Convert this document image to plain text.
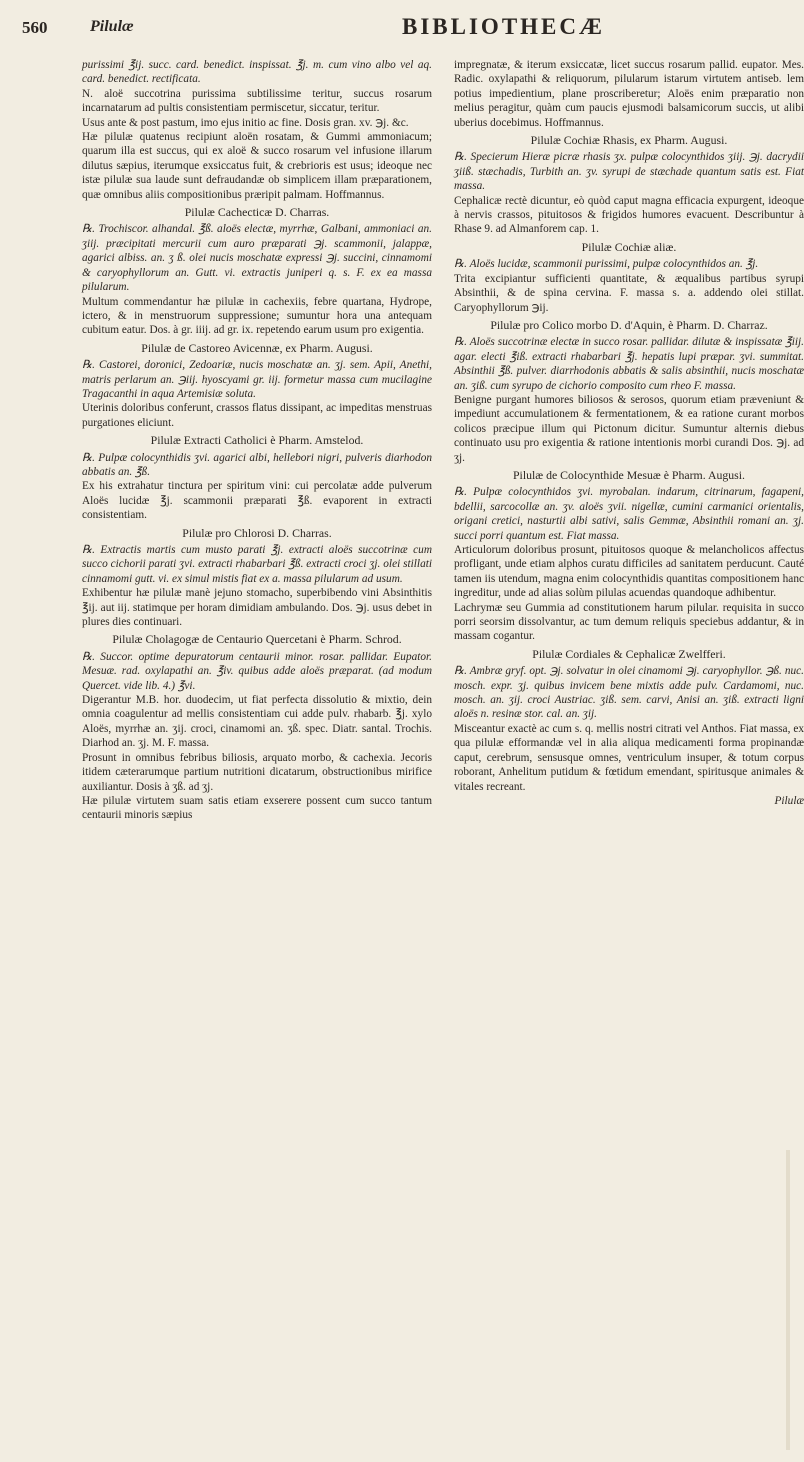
560	Pilulæ	BIBLIOTHECÆ

purissimi ℥ij. succ. card. benedict. inspissat. ℥j. m. cum vino albo vel aq. card. benedict. rectificata.

N. aloë succotrina purissima subtilissime teritur, succus rosarum incarnatarum ad pultis consistentiam permiscetur, siccatur, teritur.

Usus ante & post pastum, imo ejus initio ac fine. Dosis gran. xv. ℈j. &c.

Hæ pilulæ quatenus recipiunt aloën rosatam, & Gummi ammoniacum; quarum illa est succus, qui ex aloë & succo rosarum vel infusione illarum dilutus sæpius, iterumque exsiccatus fuit, & crebrioris est usus; ideoque nec istæ pilulæ sua laude sunt defraudandæ ob simplicem illam præparationem, quæ omnibus aliis compositionibus præripit palmam. Hoffmannus.

Pilulæ Cachecticæ D. Charras.

℞. Trochiscor. alhandal. ℥ß. aloës electæ, myrrhæ, Galbani, ammoniaci an. ʒiij. præcipitati mercurii cum auro præparati ℈j. scammonii, jalappæ, agarici albiss. an. ʒ ß. olei nucis moschatæ expressi ℈j. succini, cinnamomi & caryophyllorum an. Gutt. vi. extractis juniperi q. s. F. ex ea massa pilularum.

Multum commendantur hæ pilulæ in cachexiis, febre quartana, Hydrope, ictero, & in menstruorum suppressione; sumuntur hora una antequam cubitum eatur. Dos. à gr. iiij. ad gr. ix. repetendo earum usum pro exigentia.

Pilulæ de Castoreo Avicennæ, ex Pharm. Augusi.

℞. Castorei, doronici, Zedoariæ, nucis moschatæ an. ʒj. sem. Apii, Anethi, matris perlarum an. ℈iij. hyoscyami gr. iij. formetur massa cum mucilagine Tragacanthi in aqua Artemisiæ soluta.

Uterinis doloribus conferunt, crassos flatus dissipant, ac impeditas menstruas purgationes eliciunt.

Pilulæ Extracti Catholici è Pharm. Amstelod.

℞. Pulpæ colocynthidis ʒvi. agarici albi, hellebori nigri, pulveris diarhodon abbatis an. ℥ß.

Ex his extrahatur tinctura per spiritum vini: cui percolatæ adde pulverum Aloës lucidæ ℥j. scammonii præparati ℥ß. evaporent in extracti consistentiam.

Pilulæ pro Chlorosi D. Charras.

℞. Extractis martis cum musto parati ℥j. extracti aloës succotrinæ cum succo cichorii parati ʒvi. extracti rhabarbari ℥ß. extracti croci ʒj. olei stillati cinnamomi gutt. vi. ex simul mistis fiat ex a. massa pilularum ad usum.

Exhibentur hæ pilulæ manè jejuno stomacho, superbibendo vini Absinthitis ℥ij. aut iij. statimque per horam dimidiam ambulando. Dos. ℈j. usus debet in plures dies continuari.

Pilulæ Cholagogæ de Centaurio Quercetani è Pharm. Schrod.

℞. Succor. optime depuratorum centaurii minor. rosar. pallidar. Eupator. Mesuæ. rad. oxylapathi an. ℥iv. quibus adde aloës præparat. (ad modum Quercet. vide lib. 4.) ℥vi.

Digerantur M.B. hor. duodecim, ut fiat perfecta dissolutio & mixtio, dein omnia coagulentur ad mellis consistentiam cui adde pulv. rhabarb. ℥j. xylo Aloës, myrrhæ an. ʒij. croci, cinamomi an. ʒß. spec. Diatr. santal. Trochis. Diarhod an. ʒj. M. F. massa.

Prosunt in omnibus febribus biliosis, arquato morbo, & cachexia. Jecoris itidem cæterarumque partium nutritioni dicatarum, obstructionibus mirifice auxiliantur. Dosis à ʒß. ad ʒj.

Hæ pilulæ virtutem suam satis etiam exserere possent cum succo tantum centaurii minoris sæpius

impregnatæ, & iterum exsiccatæ, licet succus rosarum pallid. eupator. Mes. Radic. oxylapathi & reliquorum, pilularum istarum virtutem antiseb. lem potius impedientium, plane proscriberetur; Aloës enim præparatio non melius peragitur, quàm cum paucis ejusmodi balsamicorum succis, ut alibi uberius docebimus. Hoffmannus.

Pilulæ Cochiæ Rhasis, ex Pharm. Augusi.

℞. Specierum Hieræ picræ rhasis ʒx. pulpæ colocynthidos ʒiij. ℈j. dacrydii ʒiiß. stæchadis, Turbith an. ʒv. syrupi de stæchade quantum satis est. Fiat massa.

Cephalicæ rectè dicuntur, eò quòd caput magna efficacia expurgent, ideoque à nervis crassos, pituitosos & frigidos humores evacuent. Describuntur à Rhase 9. ad Almanforem cap. 1.

Pilulæ Cochiæ aliæ.

℞. Aloës lucidæ, scammonii purissimi, pulpæ colocynthidos an. ℥j.

Trita excipiantur sufficienti quantitate, & æqualibus partibus syrupi Absinthii, & de spina cervina. F. massa s. a. addendo olei stillat. Caryophyllorum ℈ij.

Pilulæ pro Colico morbo D. d'Aquin, è Pharm. D. Charraz.

℞. Aloës succotrinæ electæ in succo rosar. pallidar. dilutæ & inspissatæ ℥iij. agar. electi ℥iß. extracti rhabarbari ℥j. hepatis lupi præpar. ʒvi. summitat. Absinthii ℥ß. pulver. diarrhodonis abbatis & salis absinthii, nucis moschatæ an. ʒiß. cum syrupo de cichorio composito cum rheo F. massa.

Benigne purgant humores biliosos & serosos, quorum etiam præveniunt & impediunt accumulationem & fermentationem, & ea ratione curant morbos colicos præcipue illum qui Pictonum dicitur. Sumuntur alternis diebus continuato usu pro exigentia & ratione intentionis morbi curandi Dos. ℈j. ad ʒj.

Pilulæ de Colocynthide Mesuæ è Pharm. Augusi.

℞. Pulpæ colocynthidos ʒvi. myrobalan. indarum, citrinarum, fagapeni, bdellii, sarcocollæ an. ʒv. aloës ʒvii. nigellæ, cumini carmanici orientalis, origani cretici, nasturtii albi sativi, salis Gemmæ, Absinthii romani an. ʒj. succi porri quantum est. Fiat massa.

Articulorum doloribus prosunt, pituitosos quoque & melancholicos affectus profligant, unde etiam alphos curatu difficiles ad sanitatem perducunt. Cauté tamen iis utendum, magna enim colocynthidis quantitas compositionem hanc ingreditur, unde ad alias solùm pilulas acuendas quandoque adhibentur.

Lachrymæ seu Gummia ad constitutionem harum pilular. requisita in succo porri seorsim dissolvantur, ac tum demum reliquis speciebus addantur, & in massam cogantur.

Pilulæ Cordiales & Cephalicæ Zwelfferi.

℞. Ambræ gryf. opt. ℈j. solvatur in olei cinamomi ℈j. caryophyllor. ℈ß. nuc. mosch. expr. ʒj. quibus invicem bene mixtis adde pulv. Cardamomi, nuc. mosch. an. ʒij. croci Austriac. ʒiß. sem. carvi, Anisi an. ʒiß. extracti ligni aloës n. resinæ stor. cal. an. ʒij.

Misceantur exactè ac cum s. q. mellis nostri citrati vel Anthos. Fiat massa, ex qua pilulæ efformandæ vel in alia aliqua medicamenti forma propinandæ caput, cerebrum, sensusque omnes, ventriculum insuper, & totum corpus roborant, Anhelitum putidum & fœtidum emendant, spiritusque animales & vitales recreant.

Pilulæ
